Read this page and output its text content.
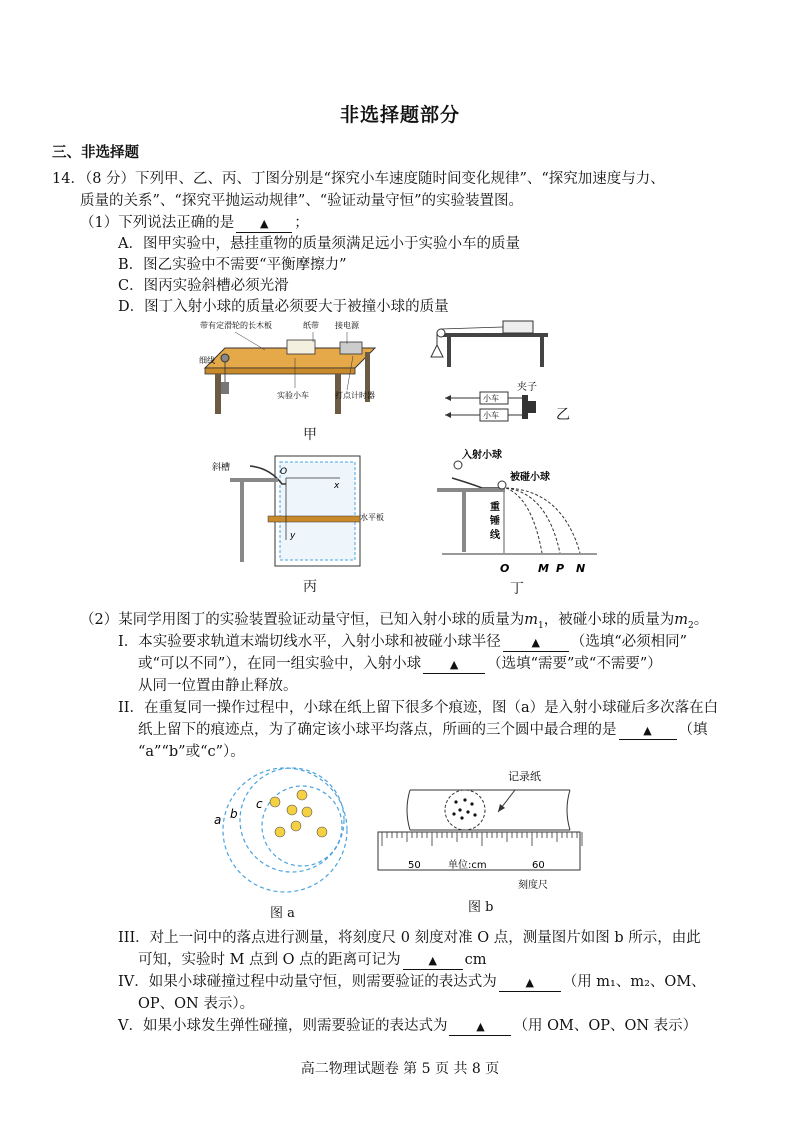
非选择题部分
三、非选择题
14．（8 分）下列甲、乙、丙、丁图分别是“探究小车速度随时间变化规律”、“探究加速度与力、
质量的关系”、“探究平抛运动规律”、“验证动量守恒”的实验装置图。
（1）下列说法正确的是 ▲ ；
A．图甲实验中，悬挂重物的质量须满足远小于实验小车的质量
B．图乙实验中不需要“平衡摩擦力”
C．图丙实验斜槽必须光滑
D．图丁入射小球的质量必须要大于被撞小球的质量
带有定滑轮的长木板	纸带 接电源
细线
实验小车	打点计时器
甲
夹子
小车
小车	乙
斜槽	O
x
y
水平板
丙
入射小球
被碰小球
重
锤
线
O	M P N
丁
（2）某同学用图丁的实验装置验证动量守恒，已知入射小球的质量为$m_1$，被碰小球的质量为$m_2$。
I．本实验要求轨道末端切线水平，入射小球和被碰小球半径	▲ （选填“必须相同”
或“可以不同”），在同一组实验中，入射小球	▲ （选填“需要”或“不需要”）
从同一位置由静止释放。
II．在重复同一操作过程中，小球在纸上留下很多个痕迹，图（a）是入射小球碰后多次落在白
纸上留下的痕迹点，为了确定该小球平均落点，所画的三个圆中最合理的是 ▲ （填
“a”“b”或“c”）。
a b
c
图 a
记录纸
50	单位:cm	60
刻度尺
图 b
III．对上一问中的落点进行测量，将刻度尺 0 刻度对准 O 点，测量图片如图 b 所示，由此
可知，实验时 M 点到 O 点的距离可记为	▲ cm
IV．如果小球碰撞过程中动量守恒，则需要验证的表达式为	▲ （用 m₁、m₂、OM、
OP、ON 表示）。
V．如果小球发生弹性碰撞，则需要验证的表达式为	▲ （用 OM、OP、ON 表示）
高二物理试题卷 第 5 页 共 8 页
